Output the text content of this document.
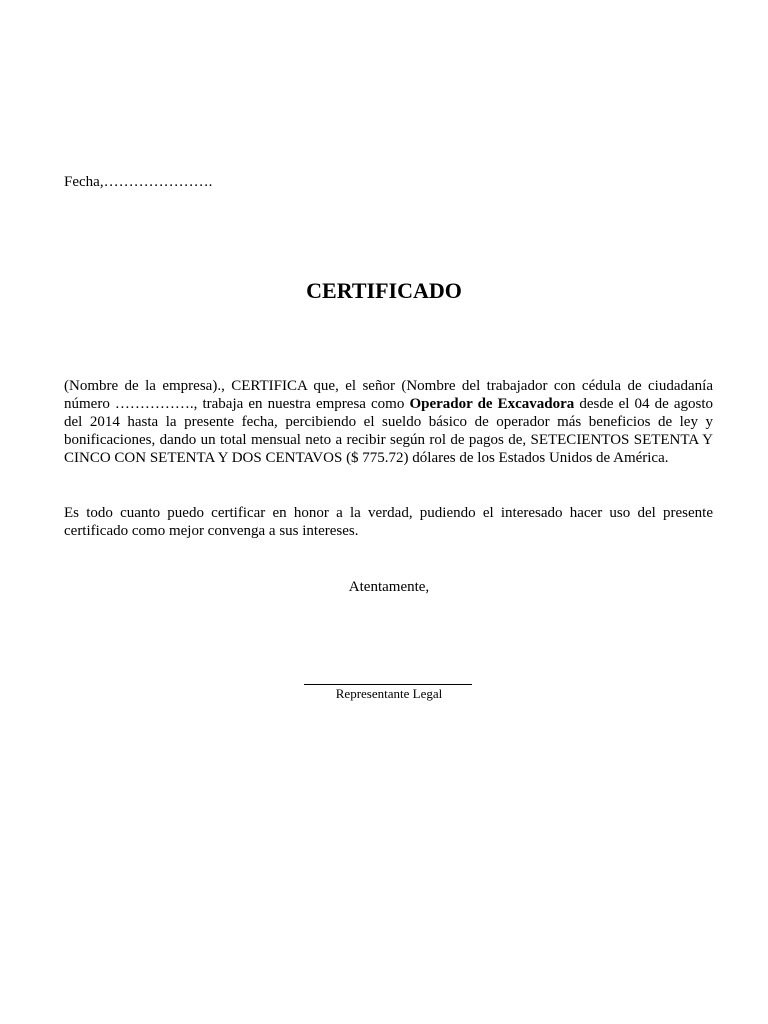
Fecha,………………….
CERTIFICADO

(Nombre de la empresa)., CERTIFICA que, el señor (Nombre del trabajador con cédula de ciudadanía número ……………., trabaja en nuestra empresa como Operador de Excavadora desde el 04 de agosto del 2014 hasta la presente fecha, percibiendo el sueldo básico de operador más beneficios de ley y bonificaciones, dando un total mensual neto a recibir según rol de pagos de, SETECIENTOS SETENTA Y CINCO CON SETENTA Y DOS CENTAVOS ($ 775.72) dólares de los Estados Unidos de América.

Es todo cuanto puedo certificar en honor a la verdad, pudiendo el interesado hacer uso del presente certificado como mejor convenga a sus intereses.

Atentamente,
Representante Legal
